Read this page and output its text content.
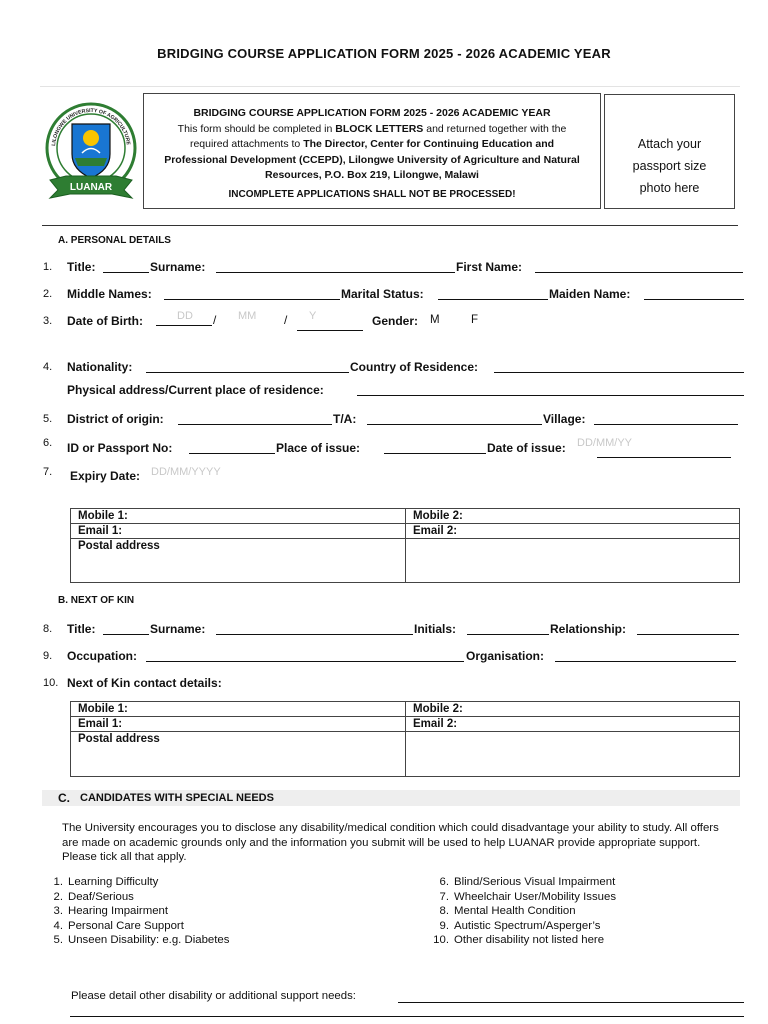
BRIDGING COURSE APPLICATION FORM 2025 - 2026 ACADEMIC YEAR
LILONGWE UNIVERSITY OF AGRICULTURE
LUANAR
BRIDGING COURSE APPLICATION FORM 2025 - 2026 ACADEMIC YEAR
This form should be completed in BLOCK LETTERS and returned together with the
required attachments to The Director, Center for Continuing Education and
Professional Development (CCEPD), Lilongwe University of Agriculture and Natural
Resources, P.O. Box 219, Lilongwe, Malawi
INCOMPLETE APPLICATIONS SHALL NOT BE PROCESSED!
Attach your
passport size
photo here
A. PERSONAL DETAILS
1. Title:	Surname:	First Name:
2. Middle Names:	Marital Status:	Maiden Name:
3. Date of Birth:	DD / MM / Y	Gender: M	F
4. Nationality:	Country of Residence:
Physical address/Current place of residence:
5. District of origin:	T/A:	Village:
6. ID or Passport No:	Place of issue:	Date of issue: DD/MM/YY
7. Expiry Date: DD/MM/YYYY
Mobile 1:	Mobile 2:
Email 1:	Email 2:
Postal address	
B. NEXT OF KIN
8. Title:	Surname:	Initials:	Relationship:
9. Occupation:	Organisation:
10. Next of Kin contact details:
Mobile 1:	Mobile 2:
Email 1:	Email 2:
Postal address	
C. CANDIDATES WITH SPECIAL NEEDS
The University encourages you to disclose any disability/medical condition which could disadvantage your ability to study. All offers are made on academic grounds only and the information you submit will be used to help LUANAR provide appropriate support. Please tick all that apply.
1. Learning Difficulty
2. Deaf/Serious
3. Hearing Impairment
4. Personal Care Support
5. Unseen Disability: e.g. Diabetes
6. Blind/Serious Visual Impairment
7. Wheelchair User/Mobility Issues
8. Mental Health Condition
9. Autistic Spectrum/Asperger’s
10. Other disability not listed here
Please detail other disability or additional support needs:
